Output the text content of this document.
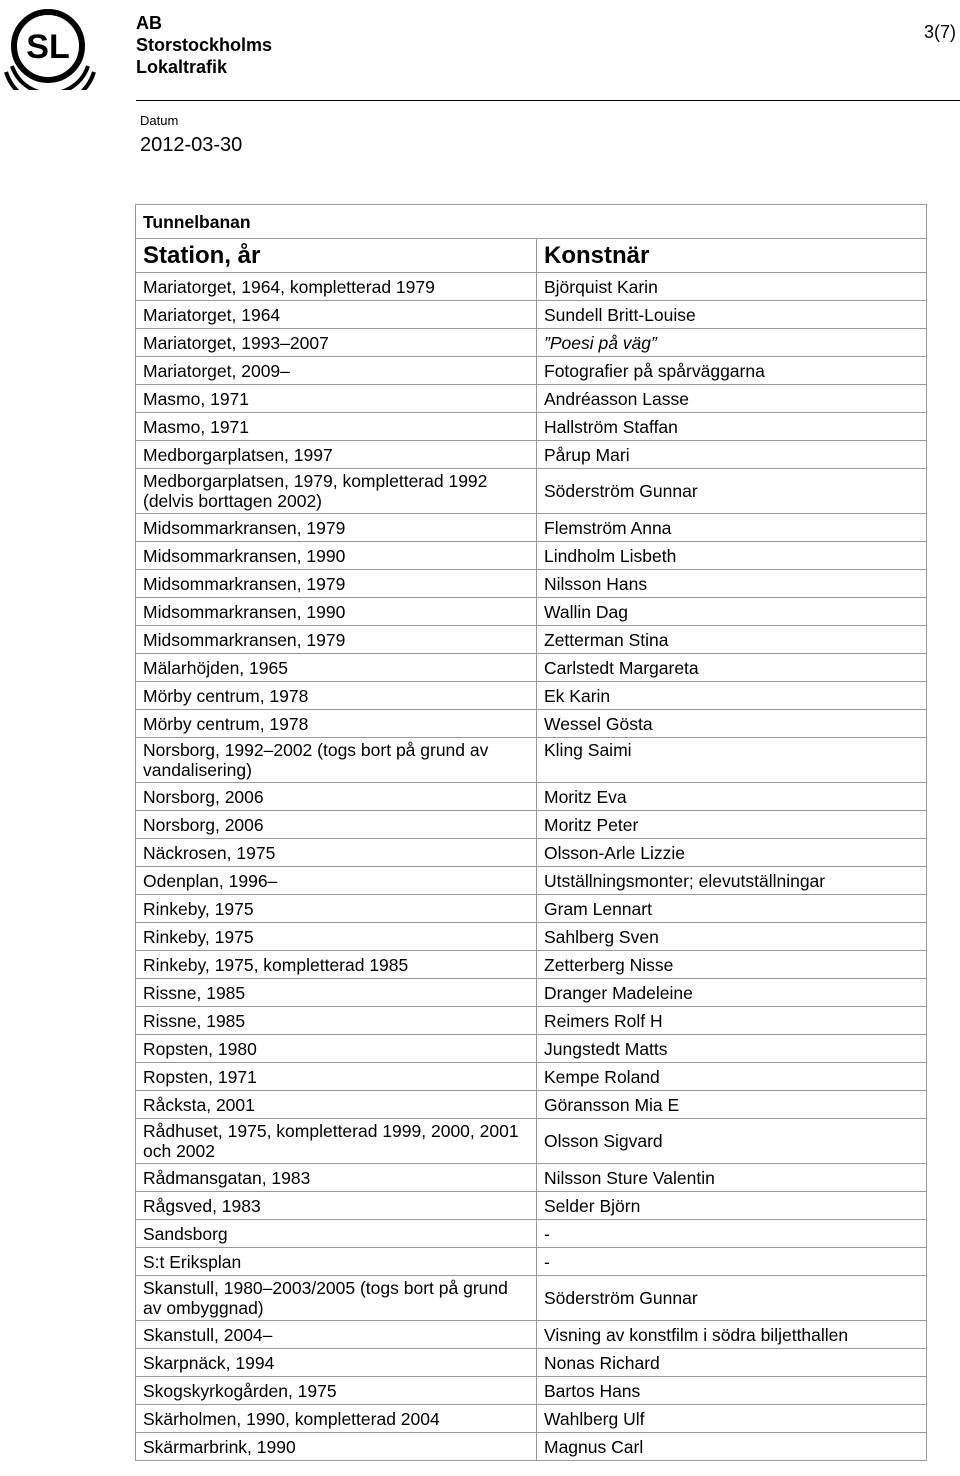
SL
AB
Storstockholms
Lokaltrafik
3(7)
Datum
2012-03-30
Tunnelbanan	
Station, år	Konstnär
Mariatorget, 1964, kompletterad 1979	Björquist Karin
Mariatorget, 1964	Sundell Britt-Louise
Mariatorget, 1993–2007	”Poesi på väg”
Mariatorget, 2009–	Fotografier på spårväggarna
Masmo, 1971	Andréasson Lasse
Masmo, 1971	Hallström Staffan
Medborgarplatsen, 1997	Pårup Mari
Medborgarplatsen, 1979, kompletterad 1992 (delvis borttagen 2002)	Söderström Gunnar
Midsommarkransen, 1979	Flemström Anna
Midsommarkransen, 1990	Lindholm Lisbeth
Midsommarkransen, 1979	Nilsson Hans
Midsommarkransen, 1990	Wallin Dag
Midsommarkransen, 1979	Zetterman Stina
Mälarhöjden, 1965	Carlstedt Margareta
Mörby centrum, 1978	Ek Karin
Mörby centrum, 1978	Wessel Gösta
Norsborg, 1992–2002 (togs bort på grund av vandalisering)	Kling Saimi
Norsborg, 2006	Moritz Eva
Norsborg, 2006	Moritz Peter
Näckrosen, 1975	Olsson-Arle Lizzie
Odenplan, 1996–	Utställningsmonter; elevutställningar
Rinkeby, 1975	Gram Lennart
Rinkeby, 1975	Sahlberg Sven
Rinkeby, 1975, kompletterad 1985	Zetterberg Nisse
Rissne, 1985	Dranger Madeleine
Rissne, 1985	Reimers Rolf H
Ropsten, 1980	Jungstedt Matts
Ropsten, 1971	Kempe Roland
Råcksta, 2001	Göransson Mia E
Rådhuset, 1975, kompletterad 1999, 2000, 2001 och 2002	Olsson Sigvard
Rådmansgatan, 1983	Nilsson Sture Valentin
Rågsved, 1983	Selder Björn
Sandsborg	-
S:t Eriksplan	-
Skanstull, 1980–2003/2005 (togs bort på grund av ombyggnad)	Söderström Gunnar
Skanstull, 2004–	Visning av konstfilm i södra biljetthallen
Skarpnäck, 1994	Nonas Richard
Skogskyrkogården, 1975	Bartos Hans
Skärholmen, 1990, kompletterad 2004	Wahlberg Ulf
Skärmarbrink, 1990	Magnus Carl
